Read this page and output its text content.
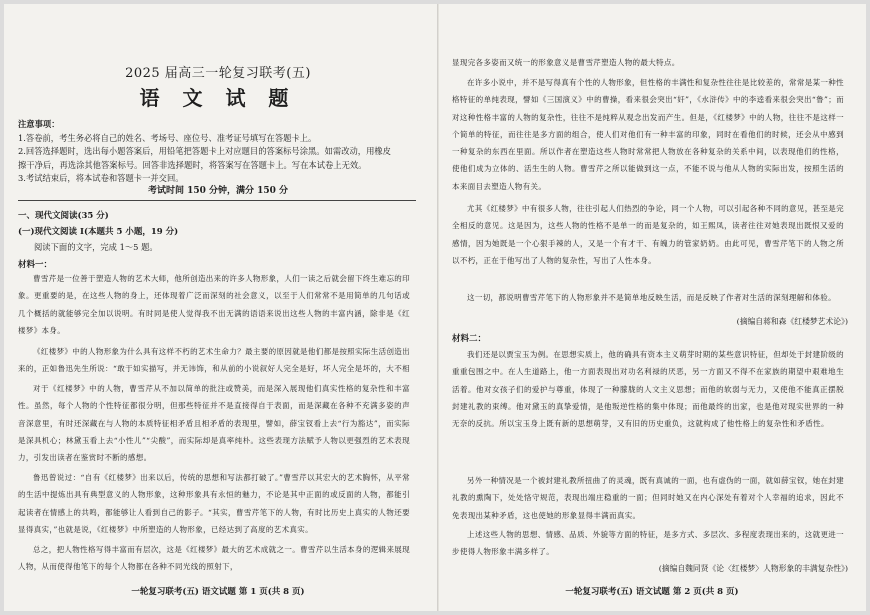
2025 届高三一轮复习联考(五)
语 文 试 题
注意事项：
1.答卷前，考生务必将自己的姓名、考场号、座位号、准考证号填写在答题卡上。
2.回答选择题时，选出每小题答案后，用铅笔把答题卡上对应题目的答案标号涂黑。如需改动，用橡皮
擦干净后，再选涂其他答案标号。回答非选择题时，将答案写在答题卡上。写在本试卷上无效。
3.考试结束后，将本试卷和答题卡一并交回。
考试时间 150 分钟，满分 150 分
一、现代文阅读(35 分)
(一)现代文阅读 Ⅰ(本题共 5 小题，19 分)
阅读下面的文字，完成 1～5 题。
材料一：
曹雪芹是一位善于塑造人物的艺术大师，他所创造出来的许多人物形象，人们一读之后就会留下终生难忘的印象。更重要的是，在这些人物的身上，还体现着广泛而深刻的社会意义，以至于人们常常不是用简单的几句话或几个概括的就能够完全加以说明。有时同是使人觉得我不出无满的语语来说出这些人物的丰富内涵，除非是《红楼梦》本身。
《红楼梦》中的人物形象为什么具有这样不朽的艺术生命力？最主要的原因就是他们都是按照实际生活创造出来的，正如鲁迅先生所说：“敢于如实描写，并无讳饰，和从前的小说叙好人完全是好，坏人完全是坏的，大不相
对于《红楼梦》中的人物，曹雪芹从不加以简单的批注或赞美，而是深入展现他们真实性格的复杂性和丰富性。虽然，每个人物的个性特征都很分明，但那些特征并不是直接得自于表面，而是深藏在各种不充满多姿的声音深意里，有时还深藏在与人物的本质特征相矛盾且相矛盾的表现里，譬如，薛宝钗看上去“行为豁达”，而实际是深具机心；林黛玉看上去“小性儿”“尖酸”，而实际却是真率纯朴。这些表现方法赋予人物以更强烈的艺术表现力，引发出读者在鉴赏时不断的感想。
鲁迅曾说过：“自有《红楼梦》出来以后，传统的思想和写法都打破了。”曹雪芹以其宏大的艺术胸怀，从平常的生活中提炼出具有典型意义的人物形象，这种形象具有永恒的魅力，不论是其中正面的或反面的人物，都能引起读者在情感上的共鸣，都能够让人看到自己的影子。“其实，曹雪芹笔下的人物，有时比历史上真实的人物还要显得真实，”也就是说，《红楼梦》中所塑造的人物形象，已经达到了高度的艺术真实。
总之，把人物性格写得丰富而有层次，这是《红楼梦》最大的艺术成就之一。曹雪芹以生活本身的逻辑来展现人物，从而使得他笔下的每个人物都在各种不同光线的照射下，
一轮复习联考(五) 语文试题 第 1 页(共 8 页)
显现完各多姿而又统一的形象意义是曹雪芹塑造人物的最大特点。
在许多小说中，并不是写得真有个性的人物形象，但性格的丰满性和复杂性往往是比较差的，常常是某一种性格特征的单纯表现，譬如《三国演义》中的曹操，看来很会突出“奸”，《水浒传》中的李逵看来很会突出“鲁”；而对这种性格丰富的人物的复杂性，往往不是纯粹从观念出发而产生。但是，《红楼梦》中的人物，往往不是这样一个简单的特征，而往往是多方面的组合，使人们对他们有一种丰富的印象，同时在看他们的时候，还会从中感到一种复杂的东西在里面。所以作者在塑造这些人物时常常把人物放在各种复杂的关系中间，以表现他们的性格，使他们成为立体的、活生生的人物。曹雪芹之所以能做到这一点，不能不说与他从人物的实际出发，按照生活的本来面目去塑造人物有关。
尤其《红楼梦》中有很多人物，往往引起人们热烈的争论，同一个人物，可以引起各种不同的意见，甚至是完全相反的意见。这是因为，这些人物的性格不是单一的而是复杂的，如王熙凤，读者往往对她表现出既恨又爱的感情，因为她既是一个心狠手辣的人，又是一个有才干、有魄力的管家奶奶。由此可见，曹雪芹笔下的人物之所以不朽，正在于他写出了人物的复杂性，写出了人性本身。
这一切，都说明曹雪芹笔下的人物形象并不是简单地反映生活，而是反映了作者对生活的深刻理解和体验。
(摘编自蒋和森《红楼梦艺术论》)
材料二：
我们还是以贾宝玉为例。在思想实质上，他的确具有资本主义萌芽时期的某些意识特征，但却处于封建阶级的重重包围之中。在人生道路上，他一方面表现出对功名利禄的厌恶，另一方面又不得不在家族的期望中艰难地生活着。他对女孩子们的爱护与尊重，体现了一种朦胧的人文主义思想；而他的软弱与无力，又使他不能真正摆脱封建礼教的束缚。他对黛玉的真挚爱情，是他叛逆性格的集中体现；而他最终的出家，也是他对现实世界的一种无奈的反抗。所以宝玉身上既有新的思想萌芽，又有旧的历史重负，这就构成了他性格上的复杂性和矛盾性。
另外一种情况是一个被封建礼教所扭曲了的灵魂，既有真诚的一面，也有虚伪的一面，就如薛宝钗，她在封建礼教的熏陶下，处处恪守规范，表现出端庄稳重的一面；但同时她又在内心深处有着对个人幸福的追求，因此不免表现出某种矛盾，这也使她的形象显得丰满而真实。
上述这些人物的思想、情感、品质、外貌等方面的特征，是多方式、多层次、多程度表现出来的，这就更进一步使得人物形象丰满多样了。
(摘编自魏同贤《论〈红楼梦〉人物形象的丰满复杂性》)
一轮复习联考(五) 语文试题 第 2 页(共 8 页)
